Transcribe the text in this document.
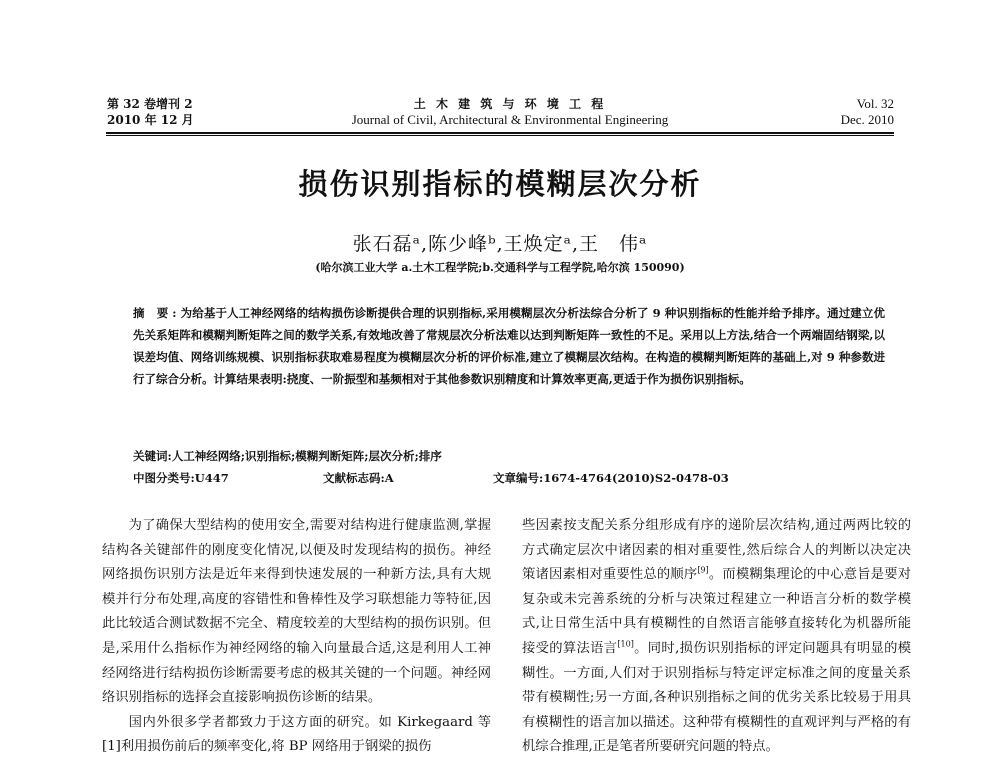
第 32 卷增刊 2
2010 年 12 月
土 木 建 筑 与 环 境 工 程
Journal of Civil, Architectural & Environmental Engineering
Vol. 32
Dec. 2010
损伤识别指标的模糊层次分析
张石磊ᵃ,陈少峰ᵇ,王焕定ᵃ,王　伟ᵃ
(哈尔滨工业大学 a.土木工程学院;b.交通科学与工程学院,哈尔滨 150090)
摘 要:为给基于人工神经网络的结构损伤诊断提供合理的识别指标,采用模糊层次分析法综合分析了 9 种识别指标的性能并给予排序。通过建立优先关系矩阵和模糊判断矩阵之间的数学关系,有效地改善了常规层次分析法难以达到判断矩阵一致性的不足。采用以上方法,结合一个两端固结钢梁,以误差均值、网络训练规模、识别指标获取难易程度为模糊层次分析的评价标准,建立了模糊层次结构。在构造的模糊判断矩阵的基础上,对 9 种参数进行了综合分析。计算结果表明:挠度、一阶振型和基频相对于其他参数识别精度和计算效率更高,更适于作为损伤识别指标。
关键词:人工神经网络;识别指标;模糊判断矩阵;层次分析;排序
中图分类号:U447	文献标志码:A	文章编号:1674-4764(2010)S2-0478-03

为了确保大型结构的使用安全,需要对结构进行健康监测,掌握结构各关键部件的刚度变化情况,以便及时发现结构的损伤。神经网络损伤识别方法是近年来得到快速发展的一种新方法,具有大规模并行分布处理,高度的容错性和鲁棒性及学习联想能力等特征,因此比较适合测试数据不完全、精度较差的大型结构的损伤识别。但是,采用什么指标作为神经网络的输入向量最合适,这是利用人工神经网络进行结构损伤诊断需要考虑的极其关键的一个问题。神经网络识别指标的选择会直接影响损伤诊断的结果。

国内外很多学者都致力于这方面的研究。如 Kirkegaard 等[1]利用损伤前后的频率变化,将 BP 网络用于钢梁的损伤

些因素按支配关系分组形成有序的递阶层次结构,通过两两比较的方式确定层次中诸因素的相对重要性,然后综合人的判断以决定决策诸因素相对重要性总的顺序[9]。而模糊集理论的中心意旨是要对复杂或未完善系统的分析与决策过程建立一种语言分析的数学模式,让日常生活中具有模糊性的自然语言能够直接转化为机器所能接受的算法语言[10]。同时,损伤识别指标的评定问题具有明显的模糊性。一方面,人们对于识别指标与特定评定标准之间的度量关系带有模糊性;另一方面,各种识别指标之间的优劣关系比较易于用具有模糊性的语言加以描述。这种带有模糊性的直观评判与严格的有机综合推理,正是笔者所要研究问题的特点。
